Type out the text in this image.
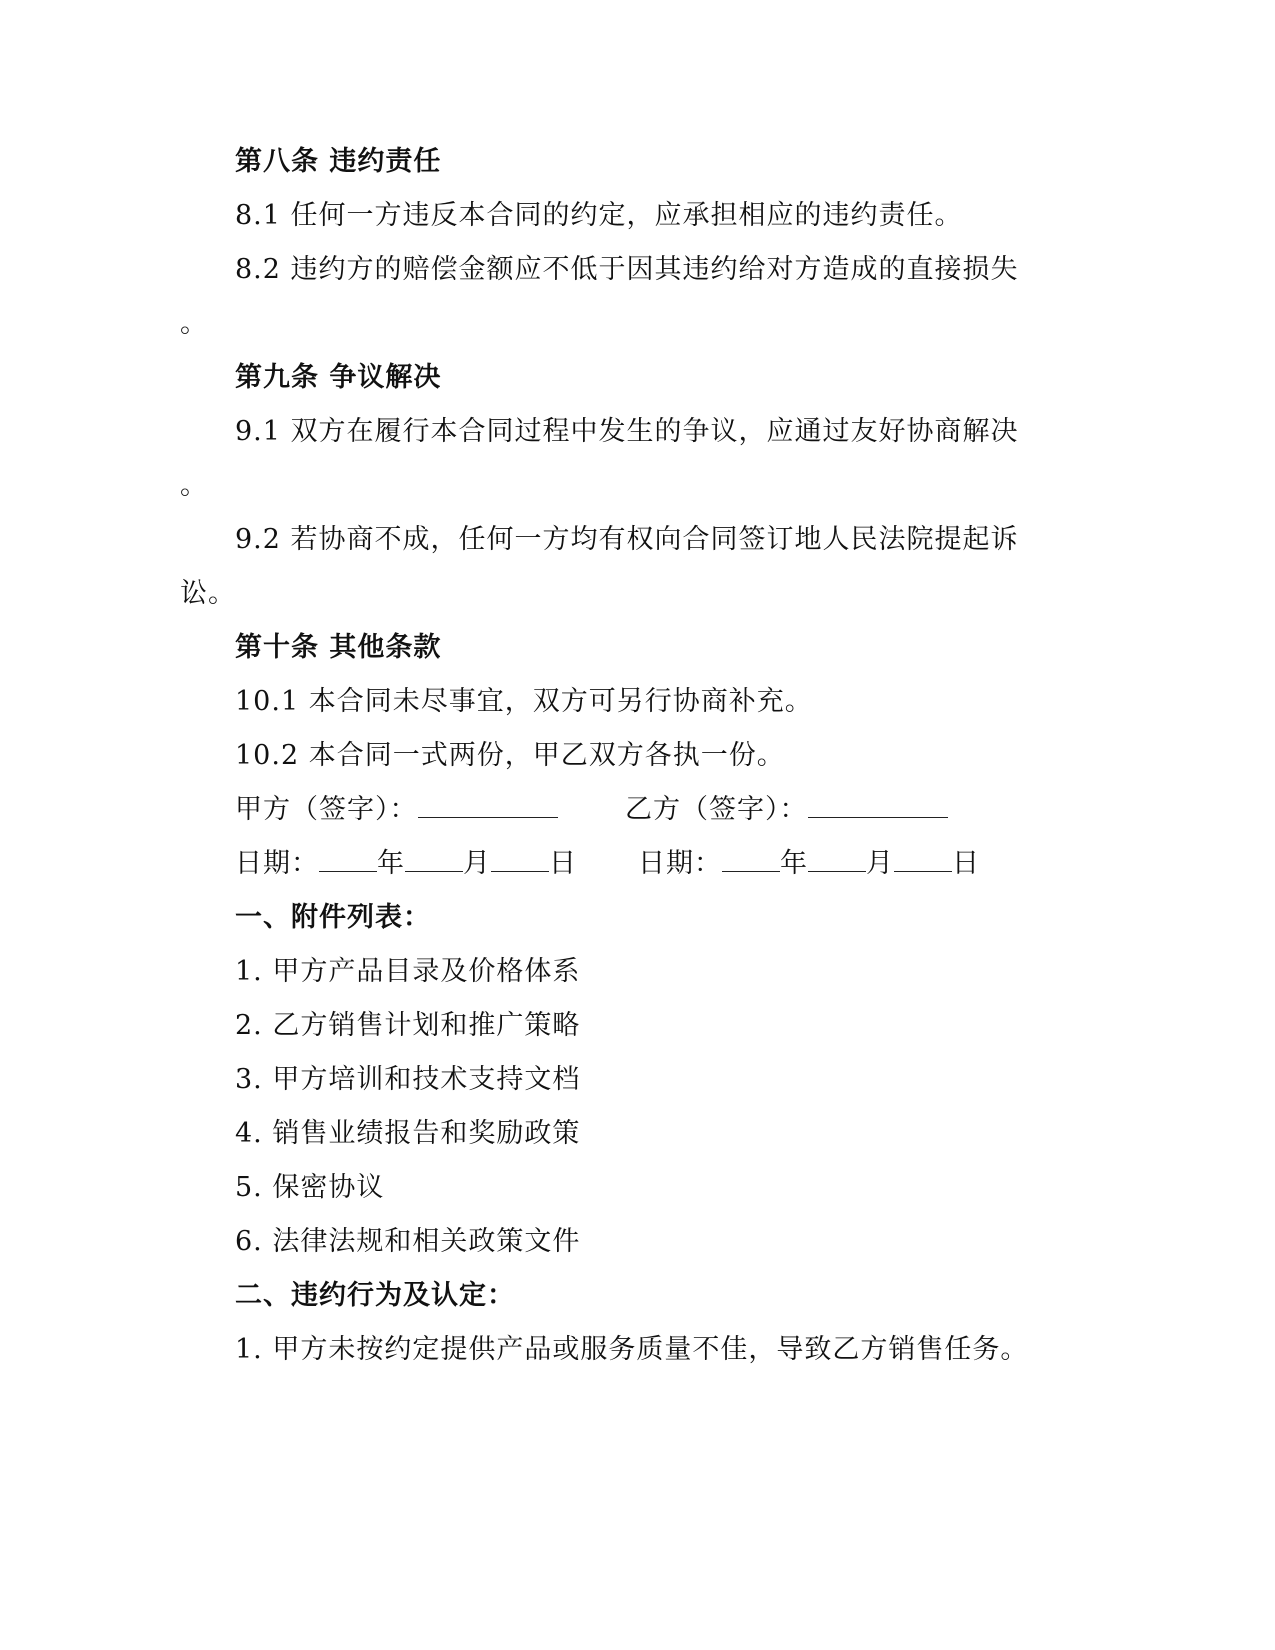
第八条 违约责任
8.1 任何一方违反本合同的约定，应承担相应的违约责任。
8.2 违约方的赔偿金额应不低于因其违约给对方造成的直接损失
。
第九条 争议解决
9.1 双方在履行本合同过程中发生的争议，应通过友好协商解决
。
9.2 若协商不成，任何一方均有权向合同签订地人民法院提起诉
讼。
第十条 其他条款
10.1 本合同未尽事宜，双方可另行协商补充。
10.2 本合同一式两份，甲乙双方各执一份。
甲方（签字）：	乙方（签字）：
日期： 年 月 日 日期： 年 月 日
一、附件列表：
1. 甲方产品目录及价格体系
2. 乙方销售计划和推广策略
3. 甲方培训和技术支持文档
4. 销售业绩报告和奖励政策
5. 保密协议
6. 法律法规和相关政策文件
二、违约行为及认定：
1. 甲方未按约定提供产品或服务质量不佳，导致乙方销售任务。
